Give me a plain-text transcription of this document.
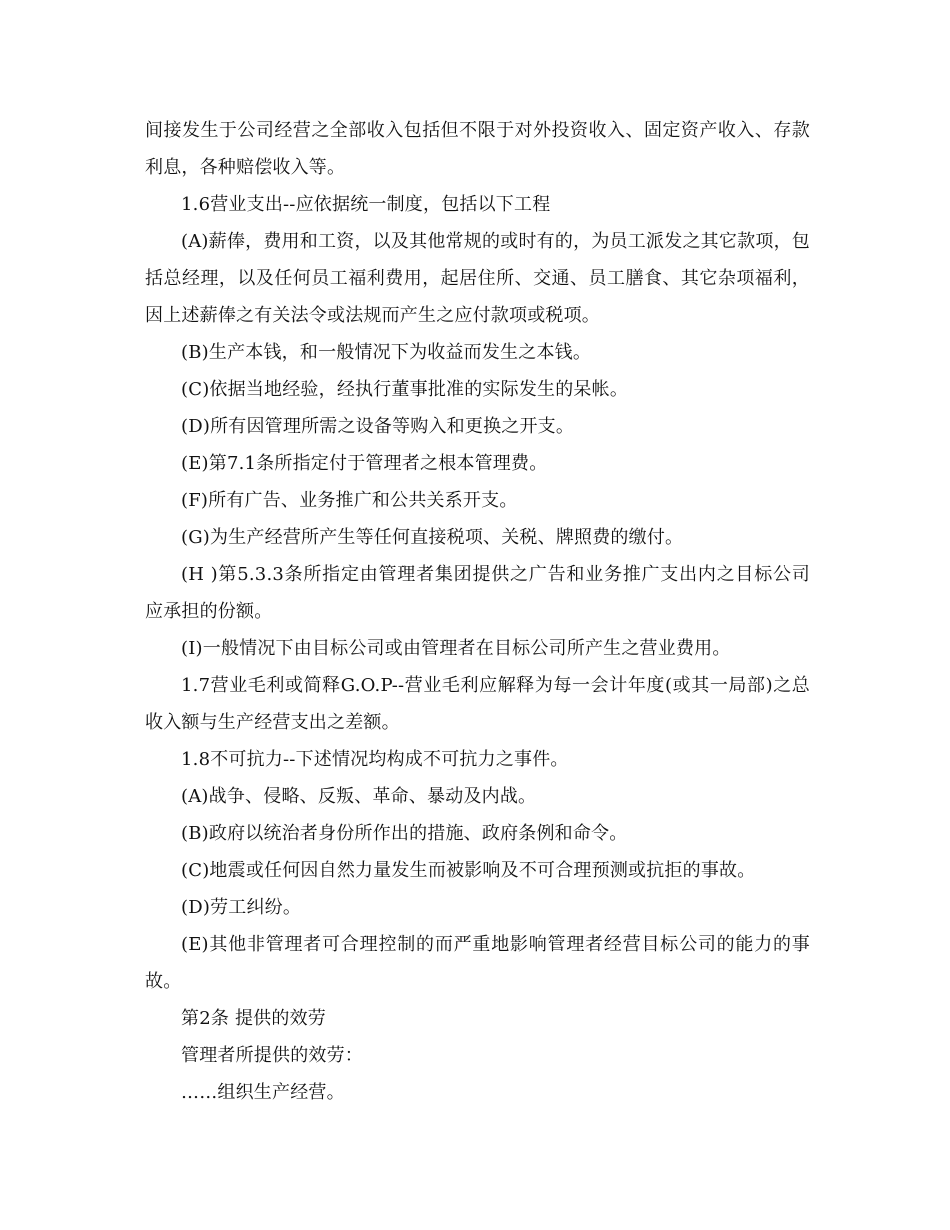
间接发生于公司经营之全部收入包括但不限于对外投资收入、固定资产收入、存款利息，各种赔偿收入等。

1.6营业支出--应依据统一制度，包括以下工程

(A)薪俸，费用和工资，以及其他常规的或时有的，为员工派发之其它款项，包括总经理，以及任何员工福利费用，起居住所、交通、员工膳食、其它杂项福利，因上述薪俸之有关法令或法规而产生之应付款项或税项。

(B)生产本钱，和一般情况下为收益而发生之本钱。

(C)依据当地经验，经执行董事批准的实际发生的呆帐。

(D)所有因管理所需之设备等购入和更换之开支。

(E)第7.1条所指定付于管理者之根本管理费。

(F)所有广告、业务推广和公共关系开支。

(G)为生产经营所产生等任何直接税项、关税、牌照费的缴付。

(H )第5.3.3条所指定由管理者集团提供之广告和业务推广支出内之目标公司应承担的份额。

(I)一般情况下由目标公司或由管理者在目标公司所产生之营业费用。

1.7营业毛利或简释G.O.P--营业毛利应解释为每一会计年度(或其一局部)之总收入额与生产经营支出之差额。

1.8不可抗力--下述情况均构成不可抗力之事件。

(A)战争、侵略、反叛、革命、暴动及内战。

(B)政府以统治者身份所作出的措施、政府条例和命令。

(C)地震或任何因自然力量发生而被影响及不可合理预测或抗拒的事故。

(D)劳工纠纷。

(E)其他非管理者可合理控制的而严重地影响管理者经营目标公司的能力的事故。

第2条 提供的效劳

管理者所提供的效劳：

……组织生产经营。
